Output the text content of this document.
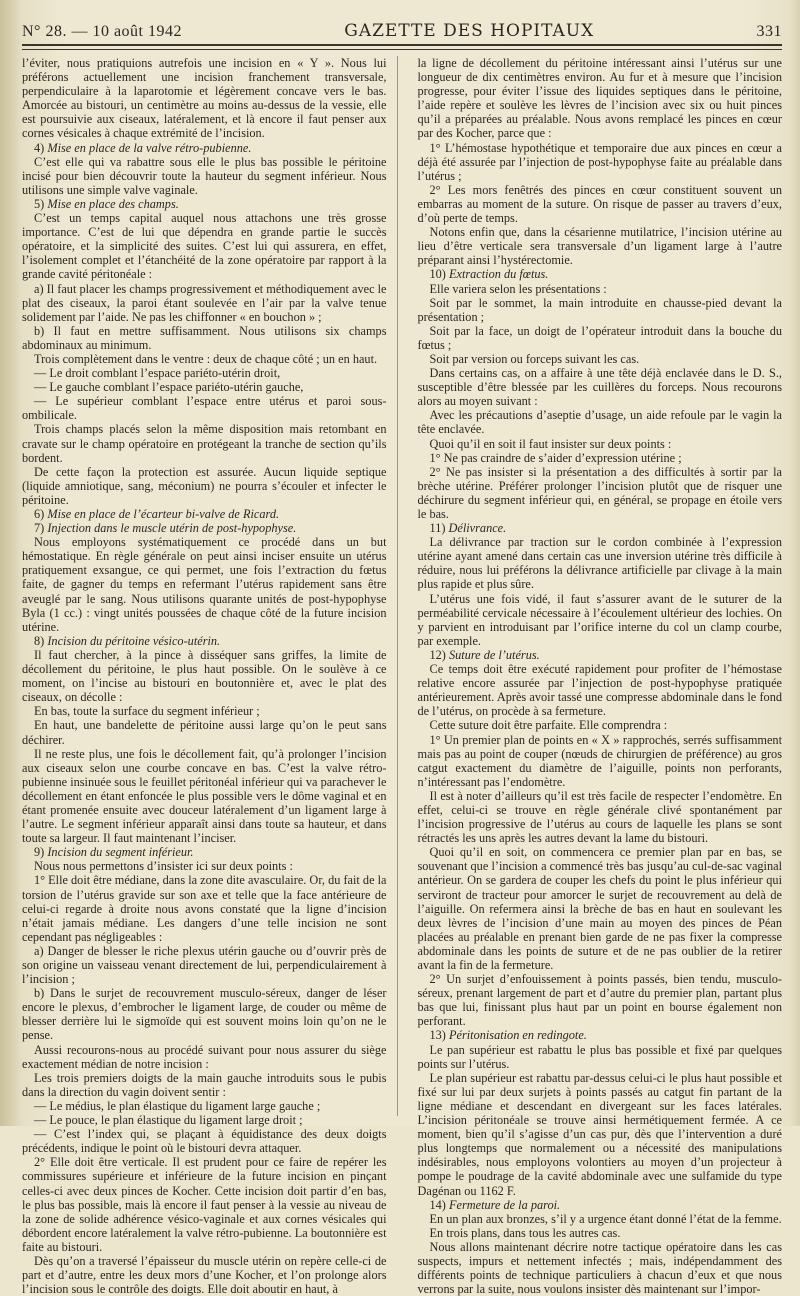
N° 28. — 10 août 1942	GAZETTE DES HOPITAUX	331

l’éviter, nous pratiquions autrefois une incision en « Y ». Nous lui préférons actuellement une incision franchement transversale, perpendiculaire à la laparotomie et légèrement concave vers le bas. Amorcée au bistouri, un centimètre au moins au-dessus de la vessie, elle est poursuivie aux ciseaux, latéralement, et là encore il faut penser aux cornes vésicales à chaque extrémité de l’incision.

4) Mise en place de la valve rétro-pubienne.

C’est elle qui va rabattre sous elle le plus bas possible le péritoine incisé pour bien découvrir toute la hauteur du segment inférieur. Nous utilisons une simple valve vaginale.

5) Mise en place des champs.

C’est un temps capital auquel nous attachons une très grosse importance. C’est de lui que dépendra en grande partie le succès opératoire, et la simplicité des suites. C’est lui qui assurera, en effet, l’isolement complet et l’étanchéité de la zone opératoire par rapport à la grande cavité péritonéale :

a) Il faut placer les champs progressivement et méthodiquement avec le plat des ciseaux, la paroi étant soulevée en l’air par la valve tenue solidement par l’aide. Ne pas les chiffonner « en bouchon » ;

b) Il faut en mettre suffisamment. Nous utilisons six champs abdominaux au minimum.

Trois complètement dans le ventre : deux de chaque côté ; un en haut.

— Le droit comblant l’espace pariéto-utérin droit,

— Le gauche comblant l’espace pariéto-utérin gauche,

— Le supérieur comblant l’espace entre utérus et paroi sous-ombilicale.

Trois champs placés selon la même disposition mais retombant en cravate sur le champ opératoire en protégeant la tranche de section qu’ils bordent.

De cette façon la protection est assurée. Aucun liquide septique (liquide amniotique, sang, méconium) ne pourra s’écouler et infecter le péritoine.

6) Mise en place de l’écarteur bi-valve de Ricard.

7) Injection dans le muscle utérin de post-hypophyse.

Nous employons systématiquement ce procédé dans un but hémostatique. En règle générale on peut ainsi inciser ensuite un utérus pratiquement exsangue, ce qui permet, une fois l’extraction du fœtus faite, de gagner du temps en refermant l’utérus rapidement sans être aveuglé par le sang. Nous utilisons quarante unités de post-hypophyse Byla (1 cc.) : vingt unités poussées de chaque côté de la future incision utérine.

8) Incision du péritoine vésico-utérin.

Il faut chercher, à la pince à disséquer sans griffes, la limite de décollement du péritoine, le plus haut possible. On le soulève à ce moment, on l’incise au bistouri en boutonnière et, avec le plat des ciseaux, on décolle :

En bas, toute la surface du segment inférieur ;

En haut, une bandelette de péritoine aussi large qu’on le peut sans déchirer.

Il ne reste plus, une fois le décollement fait, qu’à prolonger l’incision aux ciseaux selon une courbe concave en bas. C’est la valve rétro-pubienne insinuée sous le feuillet péritonéal inférieur qui va parachever le décollement en étant enfoncée le plus possible vers le dôme vaginal et en étant promenée ensuite avec douceur latéralement d’un ligament large à l’autre. Le segment inférieur apparaît ainsi dans toute sa hauteur, et dans toute sa largeur. Il faut maintenant l’inciser.

9) Incision du segment inférieur.

Nous nous permettons d’insister ici sur deux points :

1° Elle doit être médiane, dans la zone dite avasculaire. Or, du fait de la torsion de l’utérus gravide sur son axe et telle que la face antérieure de celui-ci regarde à droite nous avons constaté que la ligne d’incision n’était jamais médiane. Les dangers d’une telle incision ne sont cependant pas négligeables :

a) Danger de blesser le riche plexus utérin gauche ou d’ouvrir près de son origine un vaisseau venant directement de lui, perpendiculairement à l’incision ;

b) Dans le surjet de recouvrement musculo-séreux, danger de léser encore le plexus, d’embrocher le ligament large, de couder ou même de blesser derrière lui le sigmoïde qui est souvent moins loin qu’on ne le pense.

Aussi recourons-nous au procédé suivant pour nous assurer du siège exactement médian de notre incision :

Les trois premiers doigts de la main gauche introduits sous le pubis dans la direction du vagin doivent sentir :

— Le médius, le plan élastique du ligament large gauche ;

— Le pouce, le plan élastique du ligament large droit ;

— C’est l’index qui, se plaçant à équidistance des deux doigts précédents, indique le point où le bistouri devra attaquer.

2° Elle doit être verticale. Il est prudent pour ce faire de repérer les commissures supérieure et inférieure de la future incision en pinçant celles-ci avec deux pinces de Kocher. Cette incision doit partir d’en bas, le plus bas possible, mais là encore il faut penser à la vessie au niveau de la zone de solide adhérence vésico-vaginale et aux cornes vésicales qui débordent encore latéralement la valve rétro-pubienne. La boutonnière est faite au bistouri.

Dès qu’on a traversé l’épaisseur du muscle utérin on repère celle-ci de part et d’autre, entre les deux mors d’une Kocher, et l’on prolonge alors l’incision sous le contrôle des doigts. Elle doit aboutir en haut, à

la ligne de décollement du péritoine intéressant ainsi l’utérus sur une longueur de dix centimètres environ. Au fur et à mesure que l’incision progresse, pour éviter l’issue des liquides septiques dans le péritoine, l’aide repère et soulève les lèvres de l’incision avec six ou huit pinces qu’il a préparées au préalable. Nous avons remplacé les pinces en cœur par des Kocher, parce que :

1° L’hémostase hypothétique et temporaire due aux pinces en cœur a déjà été assurée par l’injection de post-hypophyse faite au préalable dans l’utérus ;

2° Les mors fenêtrés des pinces en cœur constituent souvent un embarras au moment de la suture. On risque de passer au travers d’eux, d’où perte de temps.

Notons enfin que, dans la césarienne mutilatrice, l’incision utérine au lieu d’être verticale sera transversale d’un ligament large à l’autre préparant ainsi l’hystérectomie.

10) Extraction du fœtus.

Elle variera selon les présentations :

Soit par le sommet, la main introduite en chausse-pied devant la présentation ;

Soit par la face, un doigt de l’opérateur introduit dans la bouche du fœtus ;

Soit par version ou forceps suivant les cas.

Dans certains cas, on a affaire à une tête déjà enclavée dans le D. S., susceptible d’être blessée par les cuillères du forceps. Nous recourons alors au moyen suivant :

Avec les précautions d’aseptie d’usage, un aide refoule par le vagin la tête enclavée.

Quoi qu’il en soit il faut insister sur deux points :

1° Ne pas craindre de s’aider d’expression utérine ;

2° Ne pas insister si la présentation a des difficultés à sortir par la brèche utérine. Préférer prolonger l’incision plutôt que de risquer une déchirure du segment inférieur qui, en général, se propage en étoile vers le bas.

11) Délivrance.

La délivrance par traction sur le cordon combinée à l’expression utérine ayant amené dans certain cas une inversion utérine très difficile à réduire, nous lui préférons la délivrance artificielle par clivage à la main plus rapide et plus sûre.

L’utérus une fois vidé, il faut s’assurer avant de le suturer de la perméabilité cervicale nécessaire à l’écoulement ultérieur des lochies. On y parvient en introduisant par l’orifice interne du col un clamp courbe, par exemple.

12) Suture de l’utérus.

Ce temps doit être exécuté rapidement pour profiter de l’hémostase relative encore assurée par l’injection de post-hypophyse pratiquée antérieurement. Après avoir tassé une compresse abdominale dans le fond de l’utérus, on procède à sa fermeture.

Cette suture doit être parfaite. Elle comprendra :

1° Un premier plan de points en « X » rapprochés, serrés suffisamment mais pas au point de couper (nœuds de chirurgien de préférence) au gros catgut exactement du diamètre de l’aiguille, points non perforants, n’intéressant pas l’endomètre.

Il est à noter d’ailleurs qu’il est très facile de respecter l’endomètre. En effet, celui-ci se trouve en règle générale clivé spontanément par l’incision progressive de l’utérus au cours de laquelle les plans se sont rétractés les uns après les autres devant la lame du bistouri.

Quoi qu’il en soit, on commencera ce premier plan par en bas, se souvenant que l’incision a commencé très bas jusqu’au cul-de-sac vaginal antérieur. On se gardera de couper les chefs du point le plus inférieur qui serviront de tracteur pour amorcer le surjet de recouvrement au delà de l’aiguille. On refermera ainsi la brèche de bas en haut en soulevant les deux lèvres de l’incision d’une main au moyen des pinces de Péan placées au préalable en prenant bien garde de ne pas fixer la compresse abdominale dans les points de suture et de ne pas oublier de la retirer avant la fin de la fermeture.

2° Un surjet d’enfouissement à points passés, bien tendu, musculo-séreux, prenant largement de part et d’autre du premier plan, partant plus bas que lui, finissant plus haut par un point en bourse également non perforant.

13) Péritonisation en redingote.

Le pan supérieur est rabattu le plus bas possible et fixé par quelques points sur l’utérus.

Le plan supérieur est rabattu par-dessus celui-ci le plus haut possible et fixé sur lui par deux surjets à points passés au catgut fin partant de la ligne médiane et descendant en divergeant sur les faces latérales. L’incision péritonéale se trouve ainsi hermétiquement fermée. A ce moment, bien qu’il s’agisse d’un cas pur, dès que l’intervention a duré plus longtemps que normalement ou a nécessité des manipulations indésirables, nous employons volontiers au moyen d’un projecteur à pompe le poudrage de la cavité abdominale avec une sulfamide du type Dagénan ou 1162 F.

14) Fermeture de la paroi.

En un plan aux bronzes, s’il y a urgence étant donné l’état de la femme.

En trois plans, dans tous les autres cas.

Nous allons maintenant décrire notre tactique opératoire dans les cas suspects, impurs et nettement infectés ; mais, indépendamment des différents points de technique particuliers à chacun d’eux et que nous verrons par la suite, nous voulons insister dès maintenant sur l’impor-
